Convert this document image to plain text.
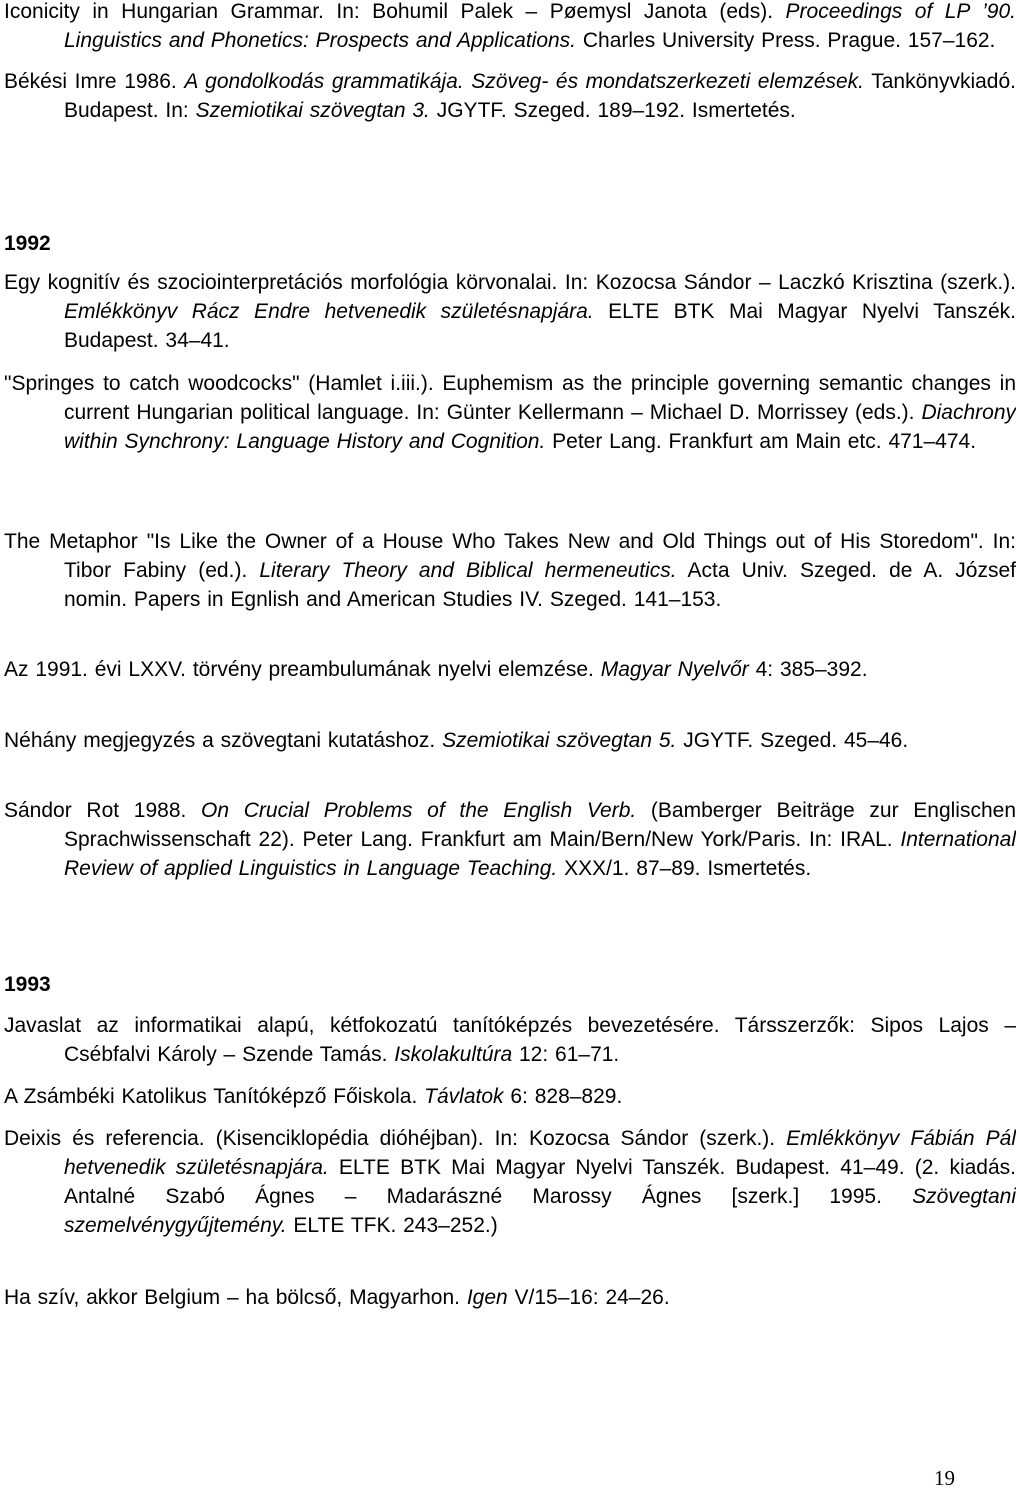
Iconicity in Hungarian Grammar. In: Bohumil Palek – Pøemysl Janota (eds). Proceedings of LP ’90. Linguistics and Phonetics: Prospects and Applications. Charles University Press. Prague. 157–162.

Békési Imre 1986. A gondolkodás grammatikája. Szöveg- és mondatszerkezeti elemzések. Tankönyvkiadó. Budapest. In: Szemiotikai szövegtan 3. JGYTF. Szeged. 189–192. Ismertetés.

1992

Egy kognitív és szociointerpretációs morfológia körvonalai. In: Kozocsa Sándor – Laczkó Krisztina (szerk.). Emlékkönyv Rácz Endre hetvenedik születésnapjára. ELTE BTK Mai Magyar Nyelvi Tanszék. Budapest. 34–41.

"Springes to catch woodcocks" (Hamlet i.iii.). Euphemism as the principle governing semantic changes in current Hungarian political language. In: Günter Kellermann – Michael D. Morrissey (eds.). Diachrony within Synchrony: Language History and Cognition. Peter Lang. Frankfurt am Main etc. 471–474.

The Metaphor "Is Like the Owner of a House Who Takes New and Old Things out of His Storedom". In: Tibor Fabiny (ed.). Literary Theory and Biblical hermeneutics. Acta Univ. Szeged. de A. József nomin. Papers in Egnlish and American Studies IV. Szeged. 141–153.

Az 1991. évi LXXV. törvény preambulumának nyelvi elemzése. Magyar Nyelvőr 4: 385–392.

Néhány megjegyzés a szövegtani kutatáshoz. Szemiotikai szövegtan 5. JGYTF. Szeged. 45–46.

Sándor Rot 1988. On Crucial Problems of the English Verb. (Bamberger Beiträge zur Englischen Sprachwissenschaft 22). Peter Lang. Frankfurt am Main/Bern/New York/Paris. In: IRAL. International Review of applied Linguistics in Language Teaching. XXX/1. 87–89. Ismertetés.

1993

Javaslat az informatikai alapú, kétfokozatú tanítóképzés bevezetésére. Társszerzők: Sipos Lajos – Csébfalvi Károly – Szende Tamás. Iskolakultúra 12: 61–71.

A Zsámbéki Katolikus Tanítóképző Főiskola. Távlatok 6: 828–829.

Deixis és referencia. (Kisenciklopédia dióhéjban). In: Kozocsa Sándor (szerk.). Emlékkönyv Fábián Pál hetvenedik születésnapjára. ELTE BTK Mai Magyar Nyelvi Tanszék. Budapest. 41–49. (2. kiadás. Antalné Szabó Ágnes – Madarászné Marossy Ágnes [szerk.] 1995. Szövegtani szemelvénygyűjtemény. ELTE TFK. 243–252.)

Ha szív, akkor Belgium – ha bölcső, Magyarhon. Igen V/15–16: 24–26.

19
